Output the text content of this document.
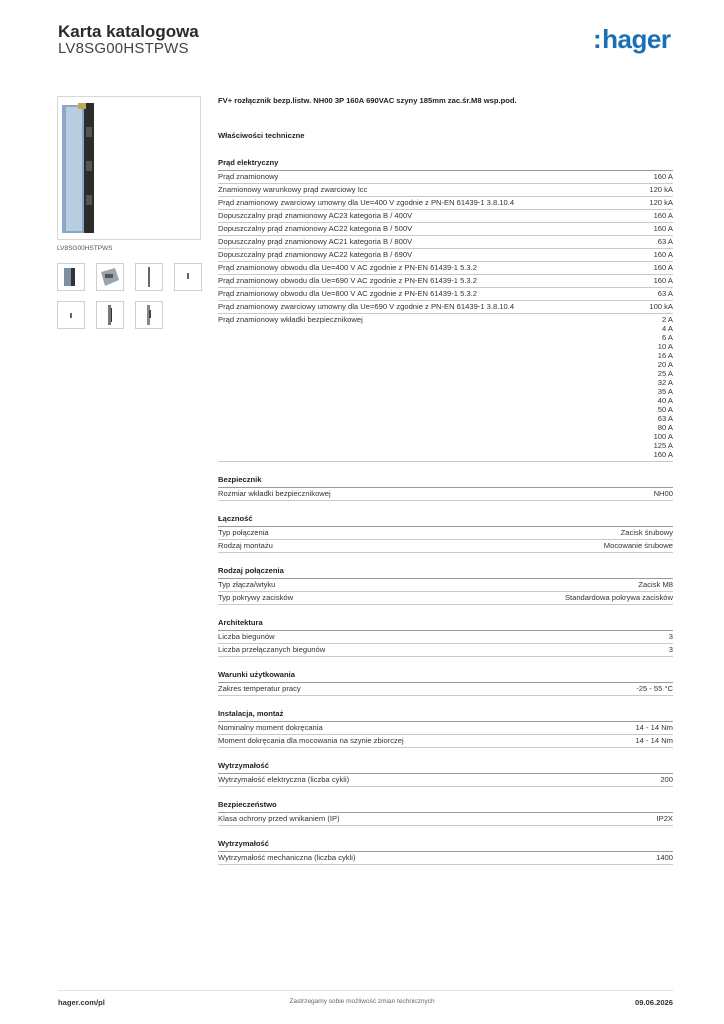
Karta katalogowa
LV8SG00HSTPWS	:hager
LV8SG00HSTPWS
FV+ rozłącznik bezp.listw. NH00 3P 160A 690VAC szyny 185mm zac.śr.M8 wsp.pod.
Właściwości techniczne
Prąd elektryczny
Prąd znamionowy	160 A
Znamionowy warunkowy prąd zwarciowy Icc	120 kA
Prąd znamionowy zwarciowy umowny dla Ue=400 V zgodnie z PN-EN 61439-1 3.8.10.4	120 kA
Dopuszczalny prąd znamionowy AC23 kategoria B / 400V	160 A
Dopuszczalny prąd znamionowy AC22 kategoria B / 500V	160 A
Dopuszczalny prąd znamionowy AC21 kategoria B / 800V	63 A
Dopuszczalny prąd znamionowy AC22 kategoria B / 690V	160 A
Prąd znamionowy obwodu dla Ue=400 V AC zgodnie z PN-EN 61439-1 5.3.2	160 A
Prąd znamionowy obwodu dla Ue=690 V AC zgodnie z PN-EN 61439-1 5.3.2	160 A
Prąd znamionowy obwodu dla Ue=800 V AC zgodnie z PN-EN 61439-1 5.3.2	63 A
Prąd znamionowy zwarciowy umowny dla Ue=690 V zgodnie z PN-EN 61439-1 3.8.10.4	100 kA
Prąd znamionowy wkładki bezpiecznikowej	2 A
4 A
6 A
10 A
16 A
20 A
25 A
32 A
35 A
40 A
50 A
63 A
80 A
100 A
125 A
160 A
Bezpiecznik
Rozmiar wkładki bezpiecznikowej	NH00
Łączność
Typ połączenia	Zacisk śrubowy
Rodzaj montażu	Mocowanie śrubowe
Rodzaj połączenia
Typ złącza/wtyku	Zacisk M8
Typ pokrywy zacisków	Standardowa pokrywa zacisków
Architektura
Liczba biegunów	3
Liczba przełączanych biegunów	3
Warunki użytkowania
Zakres temperatur pracy	-25 - 55 °C
Instalacja, montaż
Nominalny moment dokręcania	14 - 14 Nm
Moment dokręcania dla mocowania na szynie zbiorczej	14 - 14 Nm
Wytrzymałość
Wytrzymałość elektryczna (liczba cykli)	200
Bezpieczeństwo
Klasa ochrony przed wnikaniem (IP)	IP2X
Wytrzymałość
Wytrzymałość mechaniczna (liczba cykli)	1400
hager.com/pl	Zastrzegamy sobie możliwość zmian technicznych	09.06.2026
